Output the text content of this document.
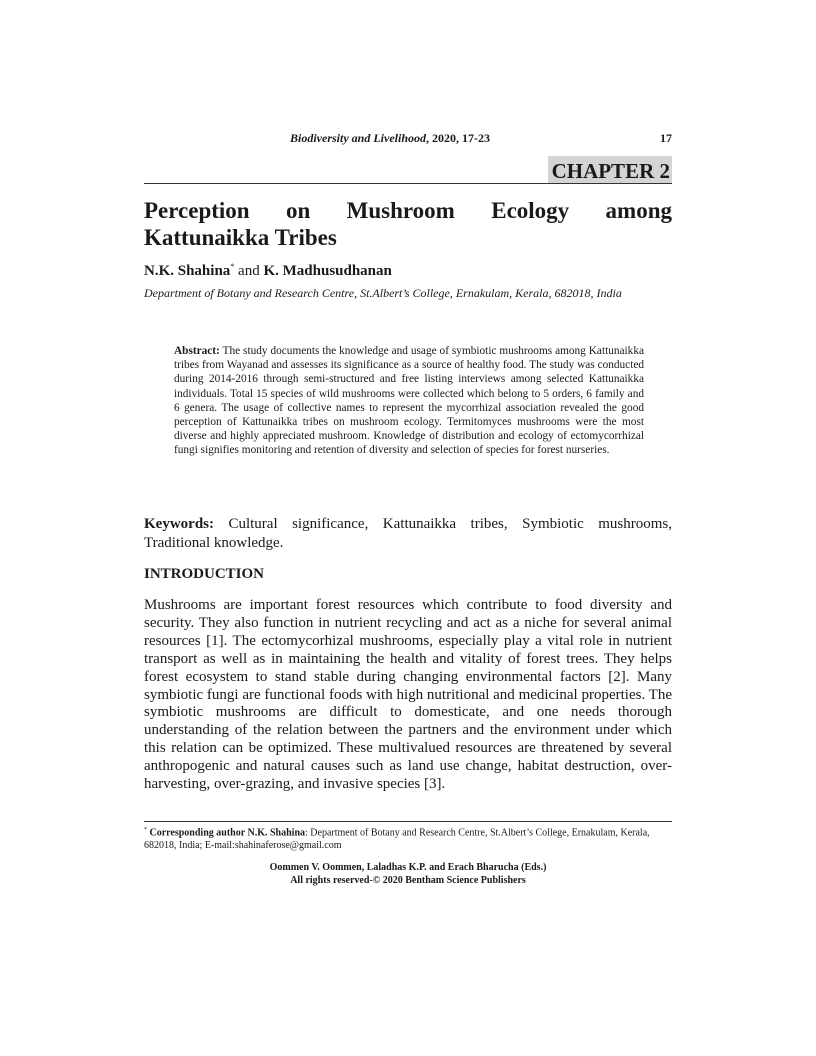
Biodiversity and Livelihood, 2020, 17-23	17
CHAPTER 2
Perception on Mushroom Ecology among
Kattunaikka Tribes
N.K. Shahina* and K. Madhusudhanan
Department of Botany and Research Centre, St.Albert’s College, Ernakulam, Kerala, 682018, India
Abstract: The study documents the knowledge and usage of symbiotic mushrooms among Kattunaikka tribes from Wayanad and assesses its significance as a source of healthy food. The study was conducted during 2014-2016 through semi-structured and free listing interviews among selected Kattunaikka individuals. Total 15 species of wild mushrooms were collected which belong to 5 orders, 6 family and 6 genera. The usage of collective names to represent the mycorrhizal association revealed the good perception of Kattunaikka tribes on mushroom ecology. Termitomyces mushrooms were the most diverse and highly appreciated mushroom. Knowledge of distribution and ecology of ectomycorrhizal fungi signifies monitoring and retention of diversity and selection of species for forest nurseries.
Keywords: Cultural significance, Kattunaikka tribes, Symbiotic mushrooms, Traditional knowledge.
INTRODUCTION
Mushrooms are important forest resources which contribute to food diversity and security. They also function in nutrient recycling and act as a niche for several animal resources [1]. The ectomycorhizal mushrooms, especially play a vital role in nutrient transport as well as in maintaining the health and vitality of forest trees. They helps forest ecosystem to stand stable during changing environmental factors [2]. Many symbiotic fungi are functional foods with high nutritional and medicinal properties. The symbiotic mushrooms are difficult to domesticate, and one needs thorough understanding of the relation between the partners and the environment under which this relation can be optimized. These multivalued resources are threatened by several anthropogenic and natural causes such as land use change, habitat destruction, over-harvesting, over-grazing, and invasive species [3].
* Corresponding author N.K. Shahina: Department of Botany and Research Centre, St.Albert’s College, Ernakulam, Kerala, 682018, India; E-mail:shahinaferose@gmail.com
Oommen V. Oommen, Laladhas K.P. and Erach Bharucha (Eds.)
All rights reserved-© 2020 Bentham Science Publishers
